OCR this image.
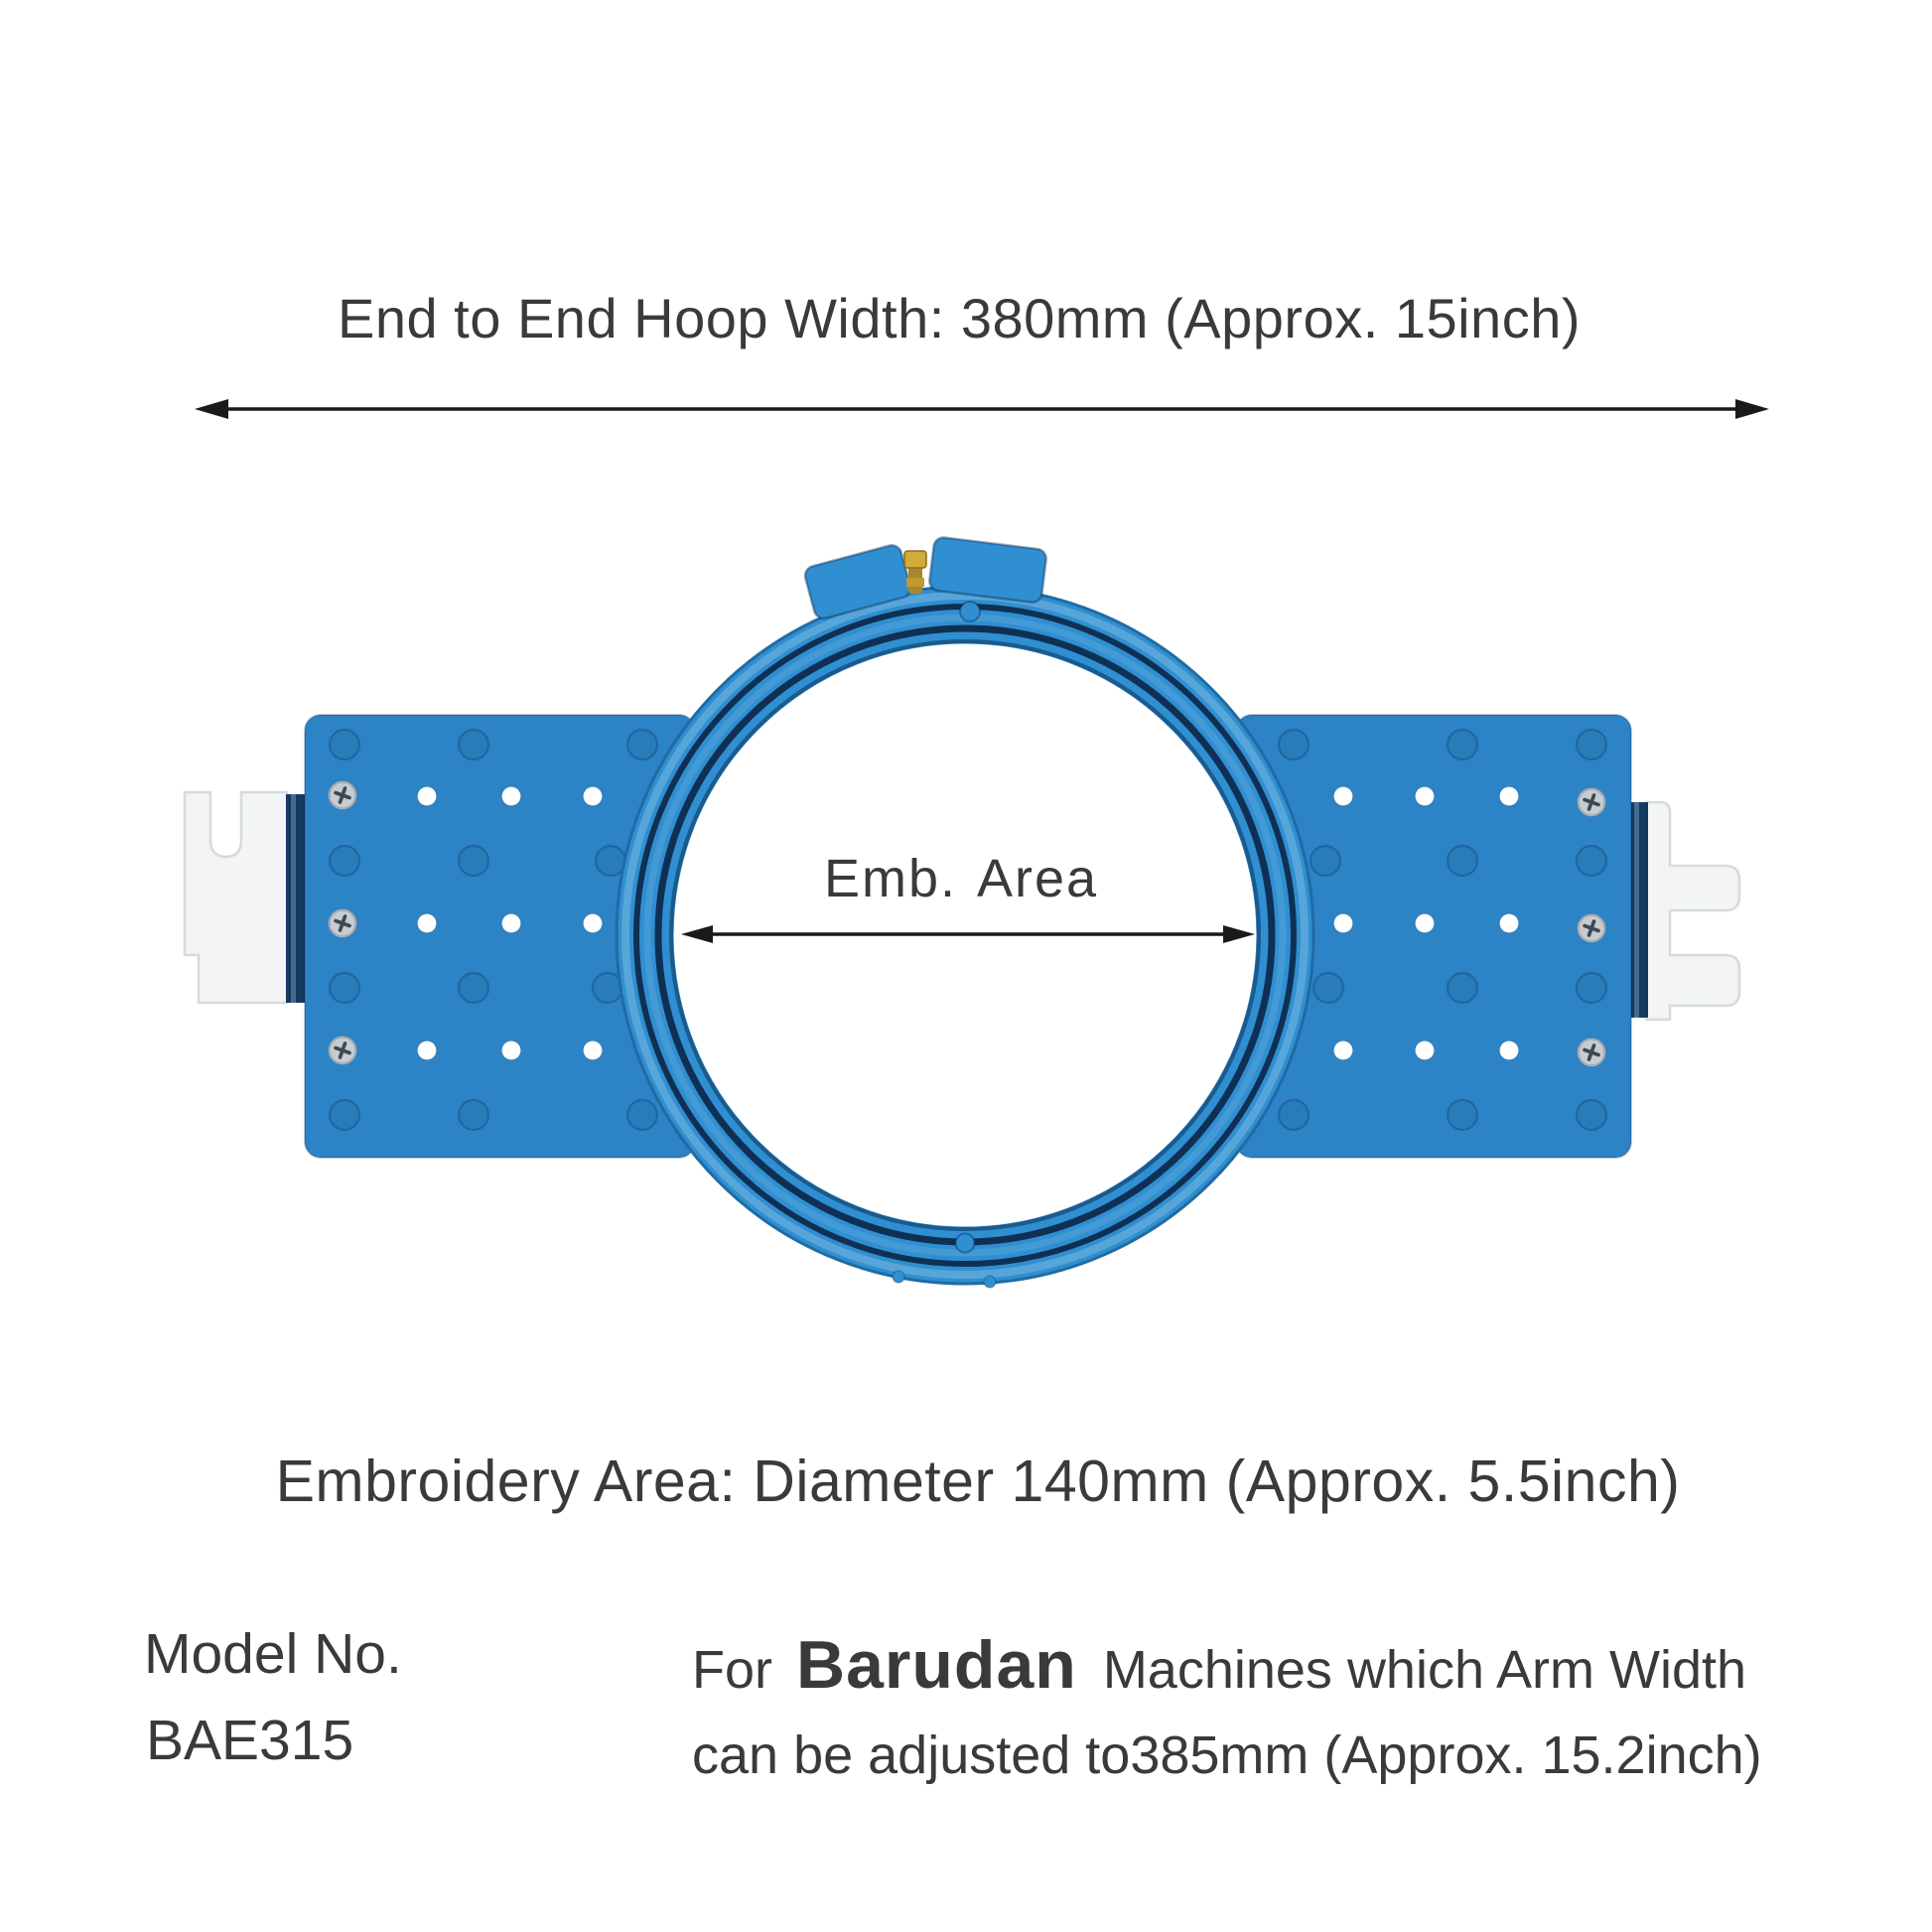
End to End Hoop Width: 380mm (Approx. 15inch)
Emb. Area
Embroidery Area: Diameter 140mm (Approx. 5.5inch)
Model No.
BAE315
For Barudan Machines which Arm Width
can be adjusted to385mm (Approx. 15.2inch)
